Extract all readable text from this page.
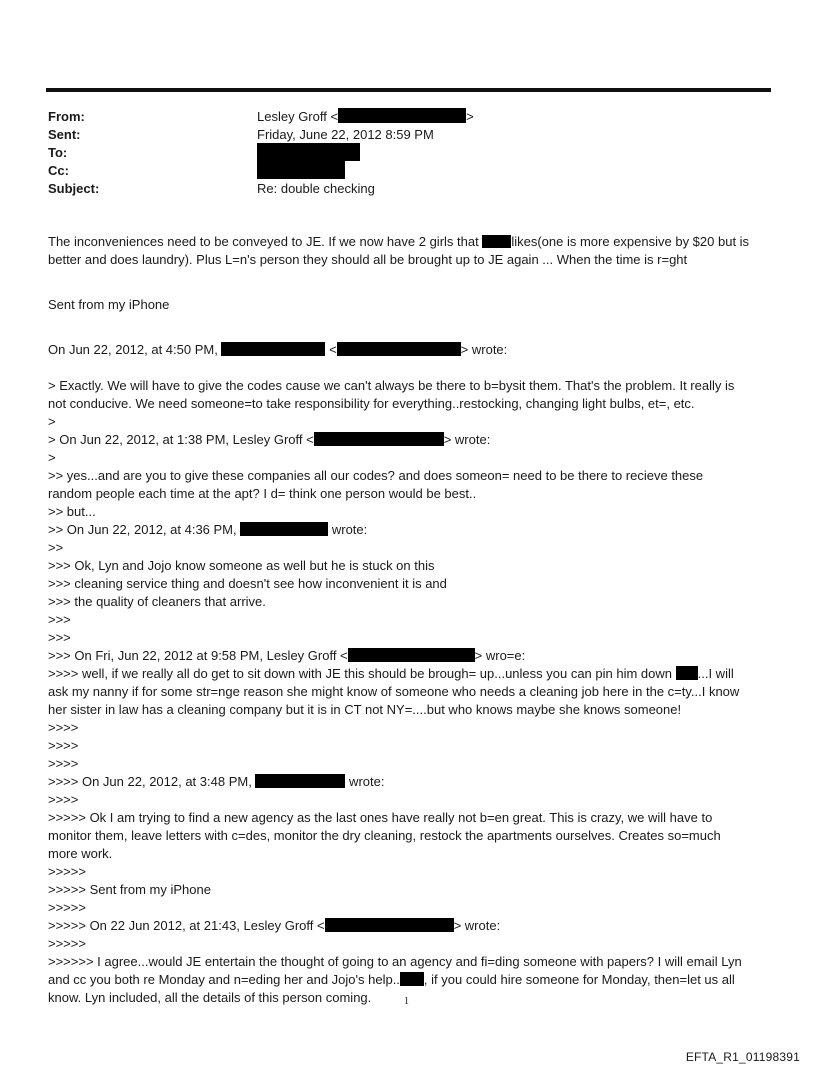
From:	Lesley Groff <	>
Sent:	Friday, June 22, 2012 8:59 PM
To:
Cc:
Subject:	Re: double checking
The inconveniences need to be conveyed to JE. If we now have 2 girls that likes(one is more expensive by $20 but is
better and does laundry). Plus L=n's person they should all be brought up to JE again ... When the time is r=ght
Sent from my iPhone
On Jun 22, 2012, at 4:50 PM,	<	> wrote:
> Exactly. We will have to give the codes cause we can't always be there to b=bysit them. That's the problem. It really is
not conducive. We need someone=to take responsibility for everything..restocking, changing light bulbs, et=, etc.
>
> On Jun 22, 2012, at 1:38 PM, Lesley Groff <	> wrote:
>
>> yes...and are you to give these companies all our codes? and does someon= need to be there to recieve these
random people each time at the apt? I d= think one person would be best..
>> but...
>> On Jun 22, 2012, at 4:36 PM,	wrote:
>>
>>> Ok, Lyn and Jojo know someone as well but he is stuck on this
>>> cleaning service thing and doesn't see how inconvenient it is and
>>> the quality of cleaners that arrive.
>>>
>>>
>>> On Fri, Jun 22, 2012 at 9:58 PM, Lesley Groff <	> wro=e:
>>>> well, if we really all do get to sit down with JE this should be brough= up...unless you can pin him down ...I will
ask my nanny if for some str=nge reason she might know of someone who needs a cleaning job here in the c=ty...I know
her sister in law has a cleaning company but it is in CT not NY=....but who knows maybe she knows someone!
>>>>
>>>>
>>>>
>>>> On Jun 22, 2012, at 3:48 PM,	wrote:
>>>>
>>>>> Ok I am trying to find a new agency as the last ones have really not b=en great. This is crazy, we will have to
monitor them, leave letters with c=des, monitor the dry cleaning, restock the apartments ourselves. Creates so=much
more work.
>>>>>
>>>>> Sent from my iPhone
>>>>>
>>>>> On 22 Jun 2012, at 21:43, Lesley Groff <	> wrote:
>>>>>
>>>>>> I agree...would JE entertain the thought of going to an agency and fi=ding someone with papers? I will email Lyn
and cc you both re Monday and n=eding her and Jojo's help.. , if you could hire someone for Monday, then=let us all
know. Lyn included, all the details of this person coming.	1
EFTA_R1_01198391
